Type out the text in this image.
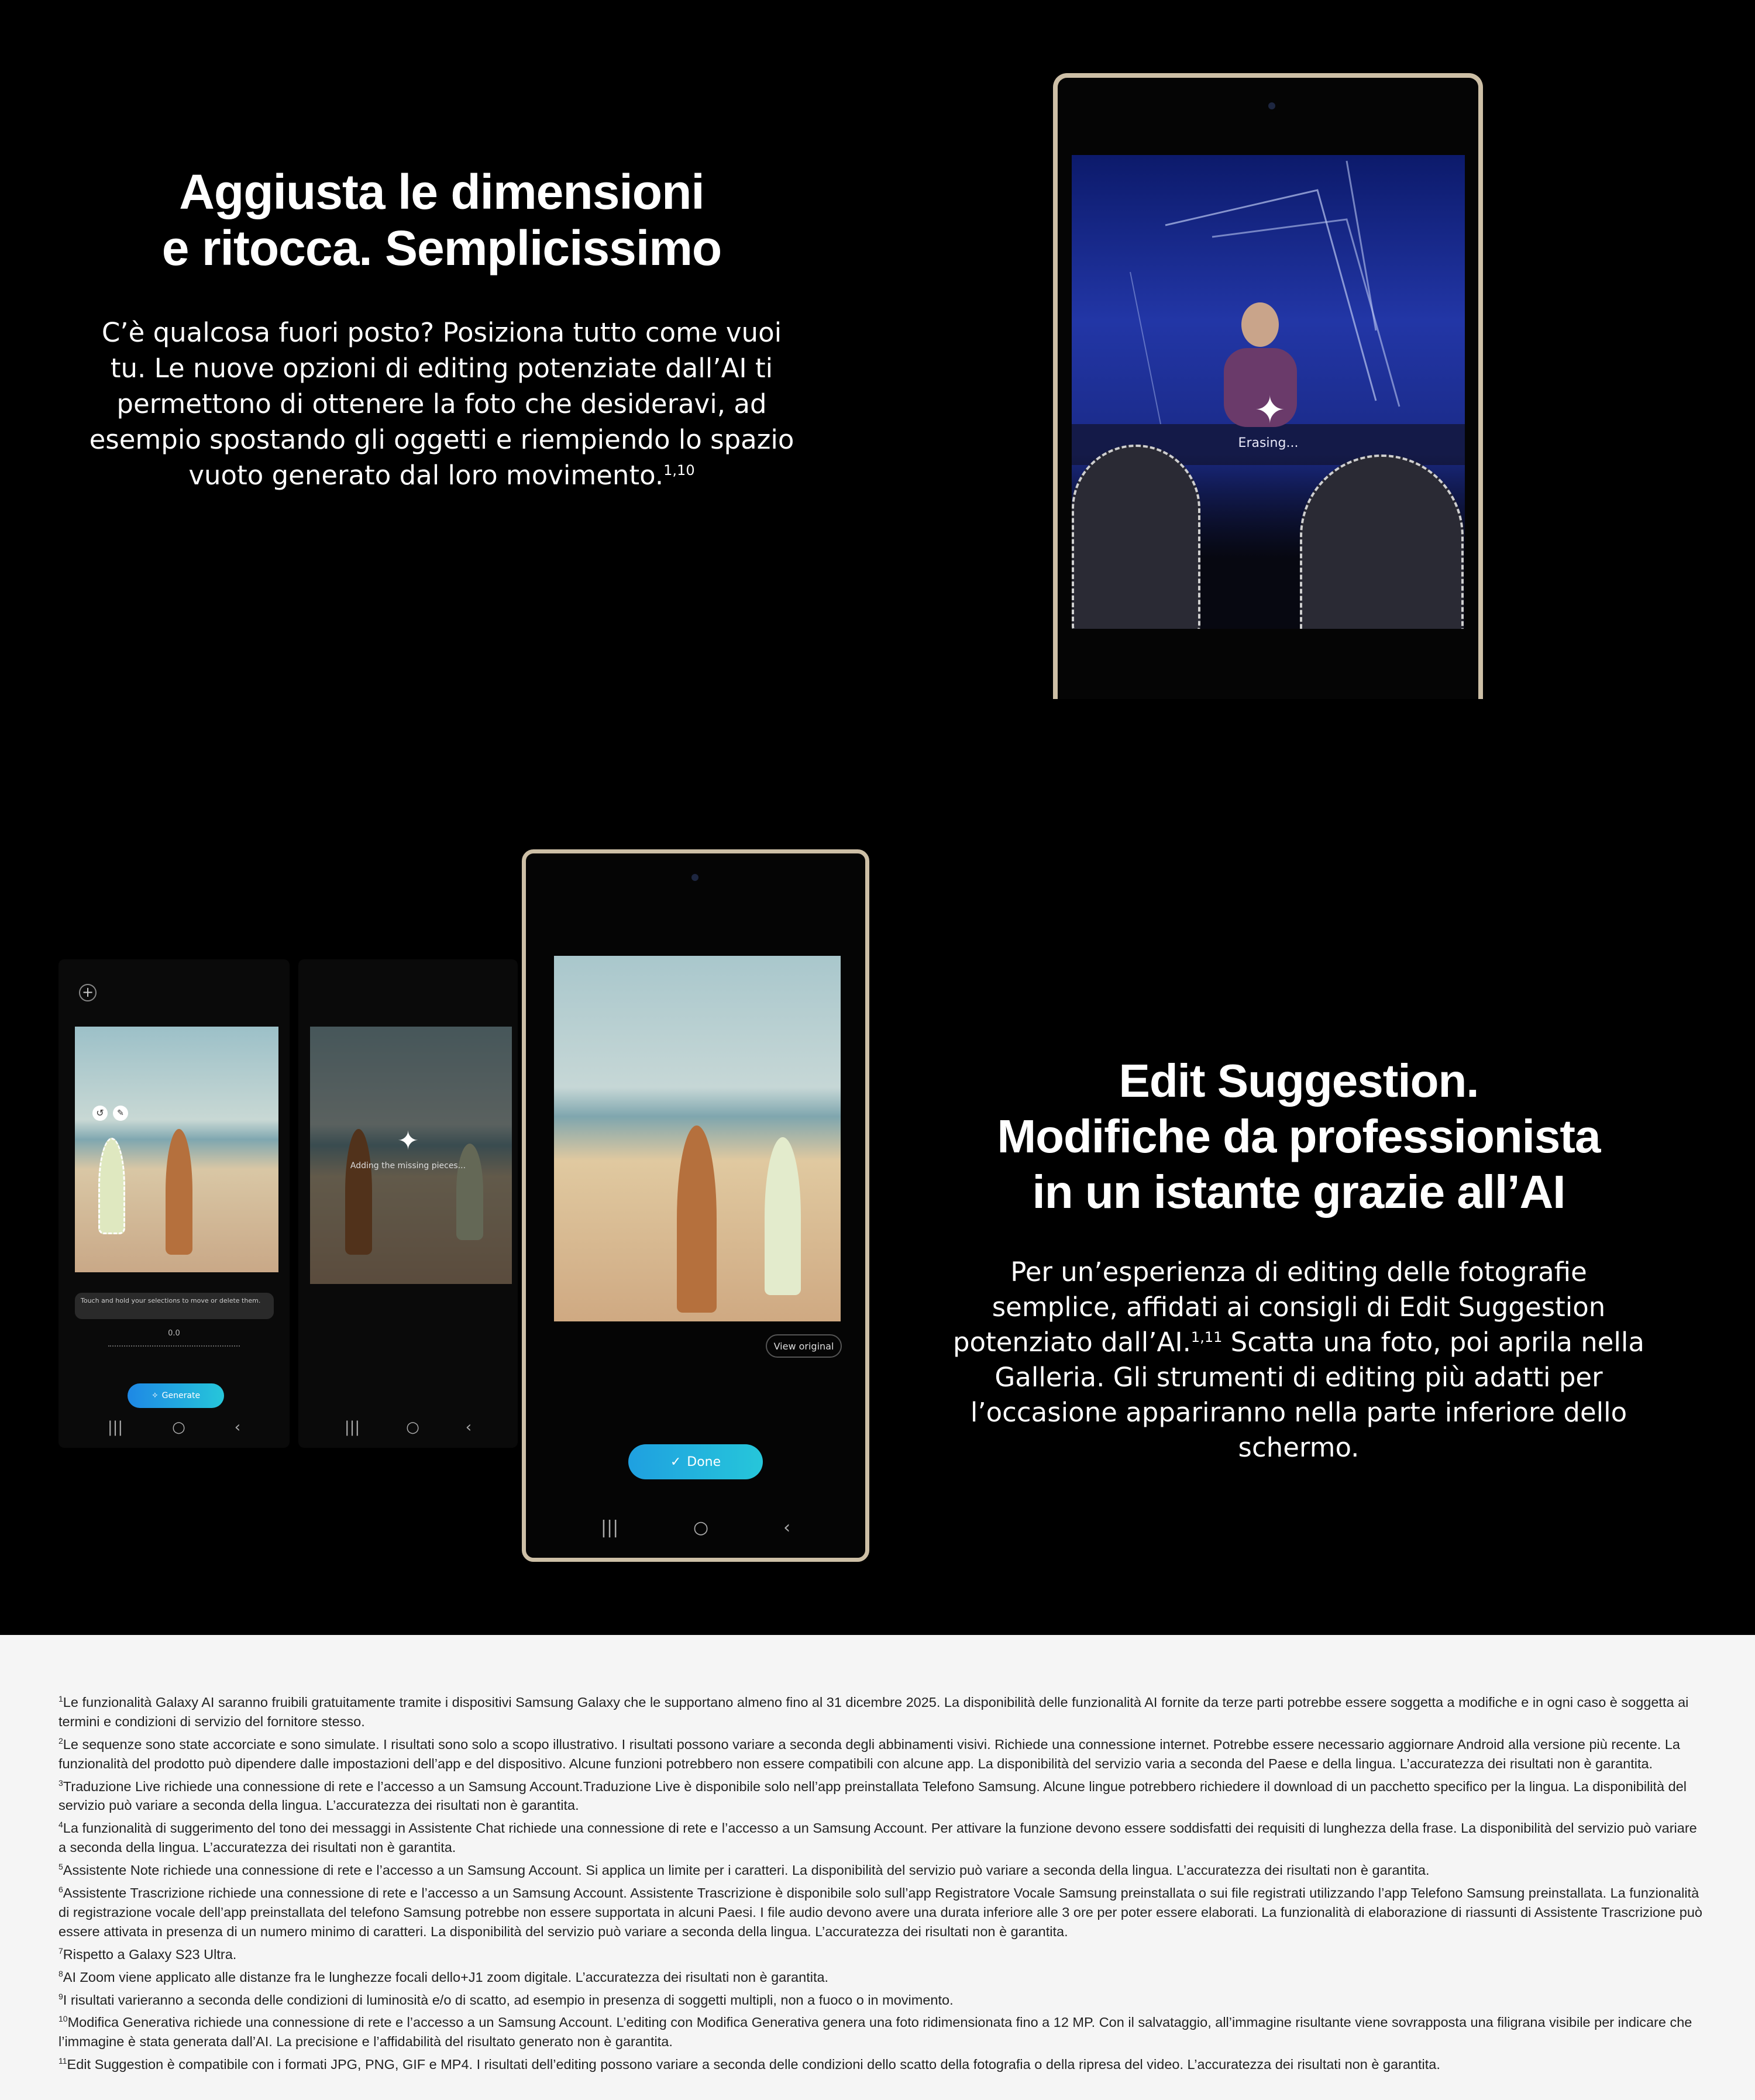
Aggiusta le dimensioni
e ritocca. Semplicissimo

C’è qualcosa fuori posto? Posiziona tutto come vuoi tu. Le nuove opzioni di editing potenziate dall’AI ti permettono di ottenere la foto che desideravi, ad esempio spostando gli oggetti e riempiendo lo spazio vuoto generato dal loro movimento.$^{1,10}$

✦
Erasing...
+
↺	✎
Touch and hold your selections to move or delete them.
0.0
✧ Generate
|||	○	‹
✦
Adding the missing pieces...
|||	○	‹
View original
✓ Done
|||	○	‹
Edit Suggestion.
Modifiche da professionista
in un istante grazie all’AI

Per un’esperienza di editing delle fotografie semplice, affidati ai consigli di Edit Suggestion potenziato dall’AI.$^{1,11}$ Scatta una foto, poi aprila nella Galleria. Gli strumenti di editing più adatti per l’occasione appariranno nella parte inferiore dello schermo.

$^1$Le funzionalità Galaxy AI saranno fruibili gratuitamente tramite i dispositivi Samsung Galaxy che le supportano almeno fino al 31 dicembre 2025. La disponibilità delle funzionalità AI fornite da terze parti potrebbe essere soggetta a modifiche e in ogni caso è soggetta ai termini e condizioni di servizio del fornitore stesso.

$^2$Le sequenze sono state accorciate e sono simulate. I risultati sono solo a scopo illustrativo. I risultati possono variare a seconda degli abbinamenti visivi. Richiede una connessione internet. Potrebbe essere necessario aggiornare Android alla versione più recente. La funzionalità del prodotto può dipendere dalle impostazioni dell’app e del dispositivo. Alcune funzioni potrebbero non essere compatibili con alcune app. La disponibilità del servizio varia a seconda del Paese e della lingua. L’accuratezza dei risultati non è garantita.

$^3$Traduzione Live richiede una connessione di rete e l’accesso a un Samsung Account.Traduzione Live è disponibile solo nell’app preinstallata Telefono Samsung. Alcune lingue potrebbero richiedere il download di un pacchetto specifico per la lingua. La disponibilità del servizio può variare a seconda della lingua. L’accuratezza dei risultati non è garantita.

$^4$La funzionalità di suggerimento del tono dei messaggi in Assistente Chat richiede una connessione di rete e l’accesso a un Samsung Account. Per attivare la funzione devono essere soddisfatti dei requisiti di lunghezza della frase. La disponibilità del servizio può variare a seconda della lingua. L’accuratezza dei risultati non è garantita.

$^5$Assistente Note richiede una connessione di rete e l’accesso a un Samsung Account. Si applica un limite per i caratteri. La disponibilità del servizio può variare a seconda della lingua. L’accuratezza dei risultati non è garantita.

$^6$Assistente Trascrizione richiede una connessione di rete e l’accesso a un Samsung Account. Assistente Trascrizione è disponibile solo sull’app Registratore Vocale Samsung preinstallata o sui file registrati utilizzando l’app Telefono Samsung preinstallata. La funzionalità di registrazione vocale dell’app preinstallata del telefono Samsung potrebbe non essere supportata in alcuni Paesi. I file audio devono avere una durata inferiore alle 3 ore per poter essere elaborati. La funzionalità di elaborazione di riassunti di Assistente Trascrizione può essere attivata in presenza di un numero minimo di caratteri. La disponibilità del servizio può variare a seconda della lingua. L’accuratezza dei risultati non è garantita.

$^7$Rispetto a Galaxy S23 Ultra.

$^8$AI Zoom viene applicato alle distanze fra le lunghezze focali dello+J1 zoom digitale. L’accuratezza dei risultati non è garantita.

$^9$I risultati varieranno a seconda delle condizioni di luminosità e/o di scatto, ad esempio in presenza di soggetti multipli, non a fuoco o in movimento.

$^{10}$Modifica Generativa richiede una connessione di rete e l’accesso a un Samsung Account. L’editing con Modifica Generativa genera una foto ridimensionata fino a 12 MP. Con il salvataggio, all’immagine risultante viene sovrapposta una filigrana visibile per indicare che l’immagine è stata generata dall’AI. La precisione e l’affidabilità del risultato generato non è garantita.

$^{11}$Edit Suggestion è compatibile con i formati JPG, PNG, GIF e MP4. I risultati dell’editing possono variare a seconda delle condizioni dello scatto della fotografia o della ripresa del video. L’accuratezza dei risultati non è garantita.
